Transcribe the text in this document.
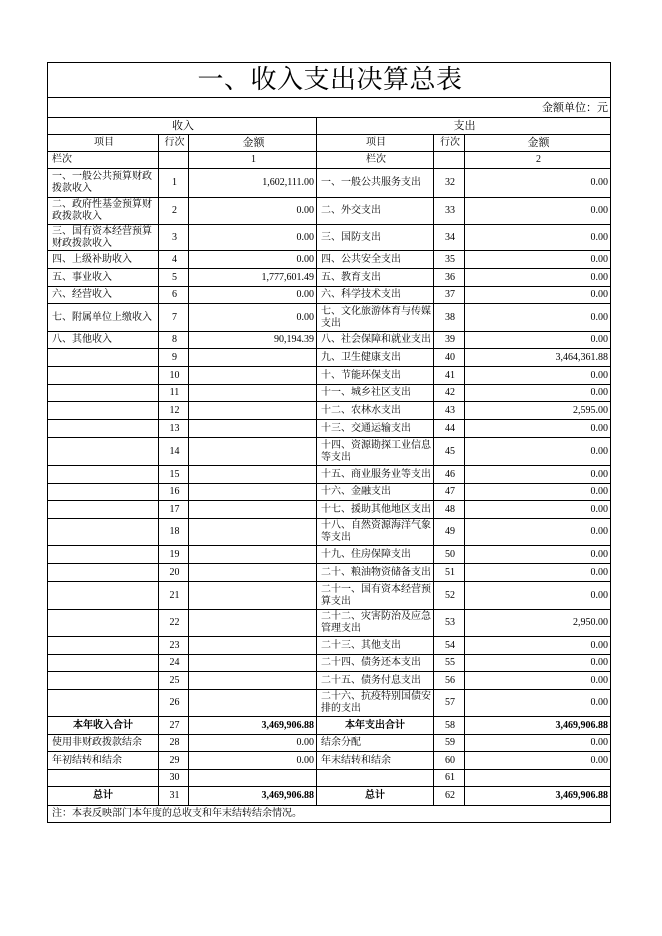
一、收入支出决算总表					
金额单位：元					
收入			支出		
项目	行次	金额	项目	行次	金额
栏次		1	栏次		2
一、一般公共预算财政拨款收入	1	1,602,111.00	一、一般公共服务支出	32	0.00
二、政府性基金预算财政拨款收入	2	0.00	二、外交支出	33	0.00
三、国有资本经营预算财政拨款收入	3	0.00	三、国防支出	34	0.00
四、上级补助收入	4	0.00	四、公共安全支出	35	0.00
五、事业收入	5	1,777,601.49	五、教育支出	36	0.00
六、经营收入	6	0.00	六、科学技术支出	37	0.00
七、附属单位上缴收入	7	0.00	七、文化旅游体育与传媒支出	38	0.00
八、其他收入	8	90,194.39	八、社会保障和就业支出	39	0.00
	9		九、卫生健康支出	40	3,464,361.88
	10		十、节能环保支出	41	0.00
	11		十一、城乡社区支出	42	0.00
	12		十二、农林水支出	43	2,595.00
	13		十三、交通运输支出	44	0.00
	14		十四、资源勘探工业信息等支出	45	0.00
	15		十五、商业服务业等支出	46	0.00
	16		十六、金融支出	47	0.00
	17		十七、援助其他地区支出	48	0.00
	18		十八、自然资源海洋气象等支出	49	0.00
	19		十九、住房保障支出	50	0.00
	20		二十、粮油物资储备支出	51	0.00
	21		二十一、国有资本经营预算支出	52	0.00
	22		二十二、灾害防治及应急管理支出	53	2,950.00
	23		二十三、其他支出	54	0.00
	24		二十四、债务还本支出	55	0.00
	25		二十五、债务付息支出	56	0.00
	26		二十六、抗疫特别国债安排的支出	57	0.00
本年收入合计	27	3,469,906.88	本年支出合计	58	3,469,906.88
使用非财政拨款结余	28	0.00	结余分配	59	0.00
年初结转和结余	29	0.00	年末结转和结余	60	0.00
	30			61	
总计	31	3,469,906.88	总计	62	3,469,906.88
注：本表反映部门本年度的总收支和年末结转结余情况。					
